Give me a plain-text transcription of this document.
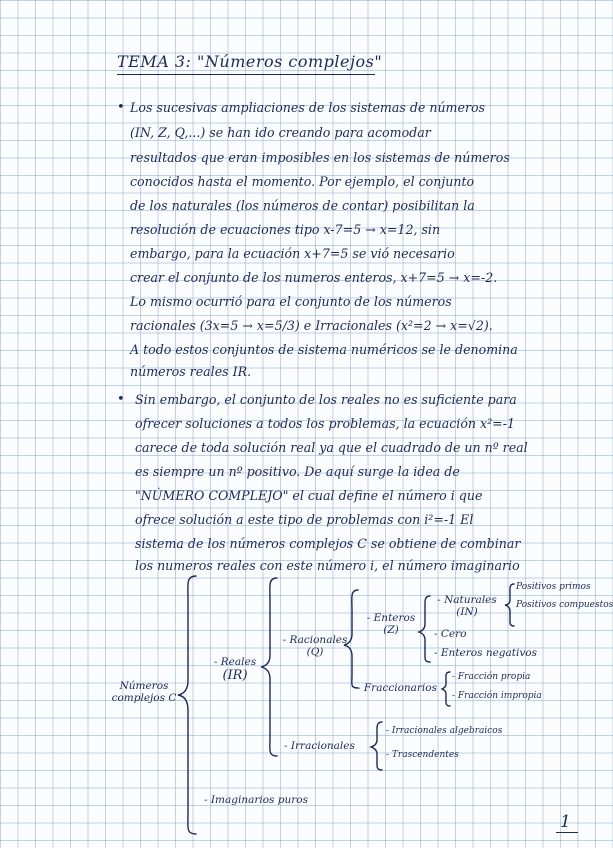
TEMA 3: "Números complejos"
• Los sucesivas ampliaciones de los sistemas de números
(IN, Z, Q,...) se han ido creando para acomodar
resultados que eran imposibles en los sistemas de números
conocidos hasta el momento. Por ejemplo, el conjunto
de los naturales (los números de contar) posibilitan la
resolución de ecuaciones tipo x-7=5 → x=12, sin
embargo, para la ecuación x+7=5 se vió necesario
crear el conjunto de los numeros enteros, x+7=5 → x=-2.
Lo mismo ocurrió para el conjunto de los números
racionales (3x=5 → x=5/3) e Irracionales (x²=2 → x=√2).
A todo estos conjuntos de sistema numéricos se le denomina
números reales IR.
• Sin embargo, el conjunto de los reales no es suficiente para
ofrecer soluciones a todos los problemas, la ecuación x²=-1
carece de toda solución real ya que el cuadrado de un nº real
es siempre un nº positivo. De aquí surge la idea de
"NÚMERO COMPLEJO" el cual define el número i que
ofrece solución a este tipo de problemas con i²=-1 El
sistema de los números complejos C se obtiene de combinar
los numeros reales con este número i, el número imaginario
Números
complejos C
- Reales
(IR)
- Racionales
(Q)
- Enteros
(Z)
- Naturales
(IN)
Positivos primos
Positivos compuestos
- Cero
- Enteros negativos
- Fraccionarios
- Fracción propia
- Fracción impropia
- Irracionales
- Irracionales algebraicos
- Trascendentes
- Imaginarios puros
1
